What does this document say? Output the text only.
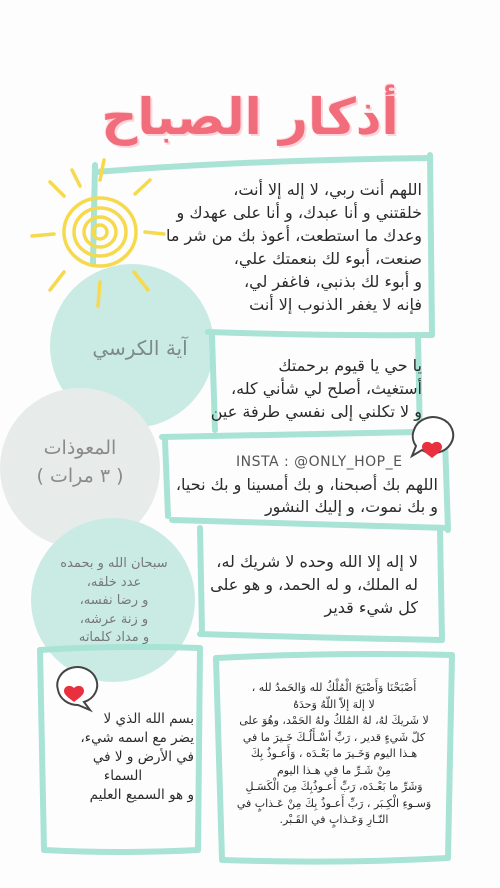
أذكار الصباح
اللهم أنت ربي، لا إله إلا أنت،
خلقتني و أنا عبدك، و أنا على عهدك و
وعدك ما استطعت، أعوذ بك من شر ما
صنعت، أبوء لك بنعمتك علي،
و أبوء لك بذنبي، فاغفر لي،
فإنه لا يغفر الذنوب إلا أنت
آية الكرسي
يا حي يا قيوم برحمتك
أستغيث، أصلح لي شأني كله،
و لا تكلني إلى نفسي طرفة عين
المعوذات
( ٣ مرات )
INSTA : @ONLY_HOP_E
اللهم بك أصبحنا، و بك أمسينا و بك نحيا،
و بك نموت، و إليك النشور
سبحان الله و بحمده
عدد خلقه،
و رضا نفسه،
و زنة عرشه،
و مداد كلماته
لا إله إلا الله وحده لا شريك له،
له الملك، و له الحمد، و هو على
كل شيء قدير
بسم الله الذي لا
يضر مع اسمه شيء،
في الأرض و لا في
السماء
و هو السميع العليم
أَصْبَحْنَا وَأَصْبَحَ الْمُلْكُ لله وَالحَمدُ لله ،
لا إلهَ إلاّ اللّهُ وَحدَهُ
لا شَريكَ لهُ، لهُ المُلكُ ولهُ الحَمْد، وهُوَ على
كلّ شَيءٍ قدير ، رَبِّ أسْـأَلُـكَ خَـيرَ ما في
هـذا اليوم وَخَـيرَ ما بَعْـدَه ، وَأَعـوذُ بِكَ
مِنْ شَـرِّ ما في هـذا اليوم
وَشَرِّ ما بَعْـدَه، رَبِّ أَعـوذُبِكَ مِنَ الْكَسَـلِ
وَسـوءِ الْكِـبَر ، رَبِّ أَعـوذُ بِكَ مِنْ عَـذابٍ في
النّـارِ وَعَـذابٍ في القَـبْر.
